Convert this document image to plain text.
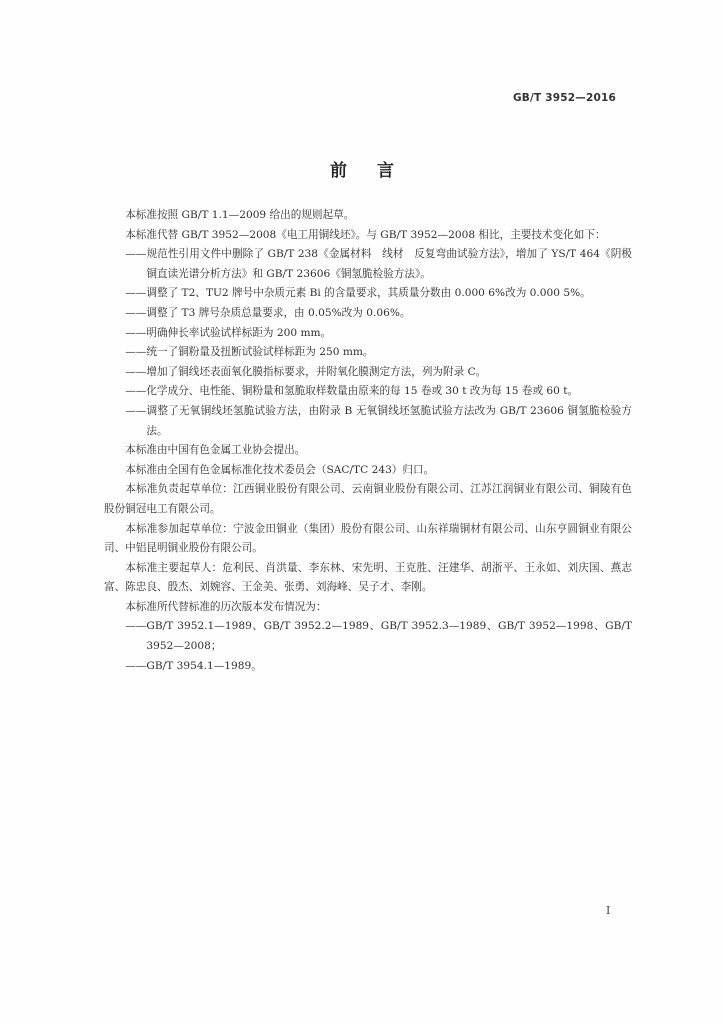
GB/T 3952—2016
前言

本标准按照 GB/T 1.1—2009 给出的规则起草。

本标准代替 GB/T 3952—2008《电工用铜线坯》。与 GB/T 3952—2008 相比，主要技术变化如下：

——规范性引用文件中删除了 GB/T 238《金属材料　线材　反复弯曲试验方法》，增加了 YS/T 464《阴极铜直读光谱分析方法》和 GB/T 23606《铜氢脆检验方法》。

——调整了 T2、TU2 牌号中杂质元素 Bi 的含量要求，其质量分数由 0.000 6%改为 0.000 5%。

——调整了 T3 牌号杂质总量要求，由 0.05%改为 0.06%。

——明确伸长率试验试样标距为 200 mm。

——统一了铜粉量及扭断试验试样标距为 250 mm。

——增加了铜线坯表面氧化膜指标要求，并附氧化膜测定方法，列为附录 C。

——化学成分、电性能、铜粉量和氢脆取样数量由原来的每 15 卷或 30 t 改为每 15 卷或 60 t。

——调整了无氧铜线坯氢脆试验方法，由附录 B 无氧铜线坯氢脆试验方法改为 GB/T 23606 铜氢脆检验方法。

本标准由中国有色金属工业协会提出。

本标准由全国有色金属标准化技术委员会（SAC/TC 243）归口。

本标准负责起草单位：江西铜业股份有限公司、云南铜业股份有限公司、江苏江润铜业有限公司、铜陵有色股份铜冠电工有限公司。

本标准参加起草单位：宁波金田铜业（集团）股份有限公司、山东祥瑞铜材有限公司、山东亨圆铜业有限公司、中铝昆明铜业股份有限公司。

本标准主要起草人：危利民、肖洪量、李东林、宋先明、王克胜、汪建华、胡浙平、王永如、刘庆国、燕志富、陈忠良、殷杰、刘婉容、王金美、张勇、刘海峰、吴子才、李刚。

本标准所代替标准的历次版本发布情况为：

——GB/T 3952.1—1989、GB/T 3952.2—1989、GB/T 3952.3—1989、GB/T 3952—1998、GB/T 3952—2008；

——GB/T 3954.1—1989。

I
